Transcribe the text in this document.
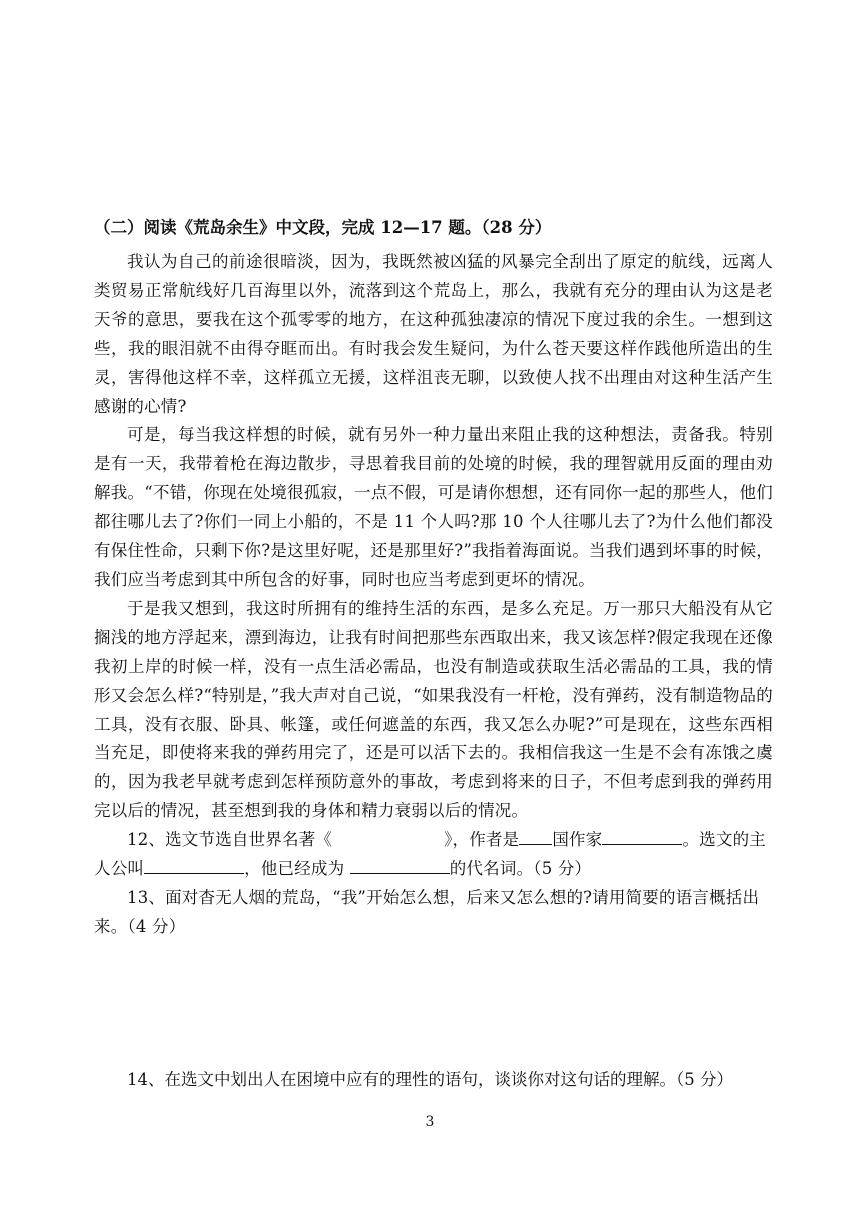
（二）阅读《荒岛余生》中文段，完成 12—17 题。（28 分）

我认为自己的前途很暗淡，因为，我既然被凶猛的风暴完全刮出了原定的航线，远离人类贸易正常航线好几百海里以外，流落到这个荒岛上，那么，我就有充分的理由认为这是老天爷的意思，要我在这个孤零零的地方，在这种孤独凄凉的情况下度过我的余生。一想到这些，我的眼泪就不由得夺眶而出。有时我会发生疑问，为什么苍天要这样作践他所造出的生灵，害得他这样不幸，这样孤立无援，这样沮丧无聊，以致使人找不出理由对这种生活产生感谢的心情?

可是，每当我这样想的时候，就有另外一种力量出来阻止我的这种想法，责备我。特别是有一天，我带着枪在海边散步，寻思着我目前的处境的时候，我的理智就用反面的理由劝解我。“不错，你现在处境很孤寂，一点不假，可是请你想想，还有同你一起的那些人，他们都往哪儿去了?你们一同上小船的，不是 11 个人吗?那 10 个人往哪儿去了?为什么他们都没有保住性命，只剩下你?是这里好呢，还是那里好?”我指着海面说。当我们遇到坏事的时候，我们应当考虑到其中所包含的好事，同时也应当考虑到更坏的情况。

于是我又想到，我这时所拥有的维持生活的东西，是多么充足。万一那只大船没有从它搁浅的地方浮起来，漂到海边，让我有时间把那些东西取出来，我又该怎样?假定我现在还像我初上岸的时候一样，没有一点生活必需品，也没有制造或获取生活必需品的工具，我的情形又会怎么样?“特别是，”我大声对自己说，“如果我没有一杆枪，没有弹药，没有制造物品的工具，没有衣服、卧具、帐篷，或任何遮盖的东西，我又怎么办呢?”可是现在，这些东西相当充足，即使将来我的弹药用完了，还是可以活下去的。我相信我这一生是不会有冻饿之虞的，因为我老早就考虑到怎样预防意外的事故，考虑到将来的日子，不但考虑到我的弹药用完以后的情况，甚至想到我的身体和精力衰弱以后的情况。

12、选文节选自世界名著《	》，作者是 国作家	。选文的主人公叫	，他已经成为	的代名词。（5 分）

13、面对杳无人烟的荒岛，“我”开始怎么想，后来又怎么想的?请用简要的语言概括出来。（4 分）

14、在选文中划出人在困境中应有的理性的语句，谈谈你对这句话的理解。（5 分）

3
